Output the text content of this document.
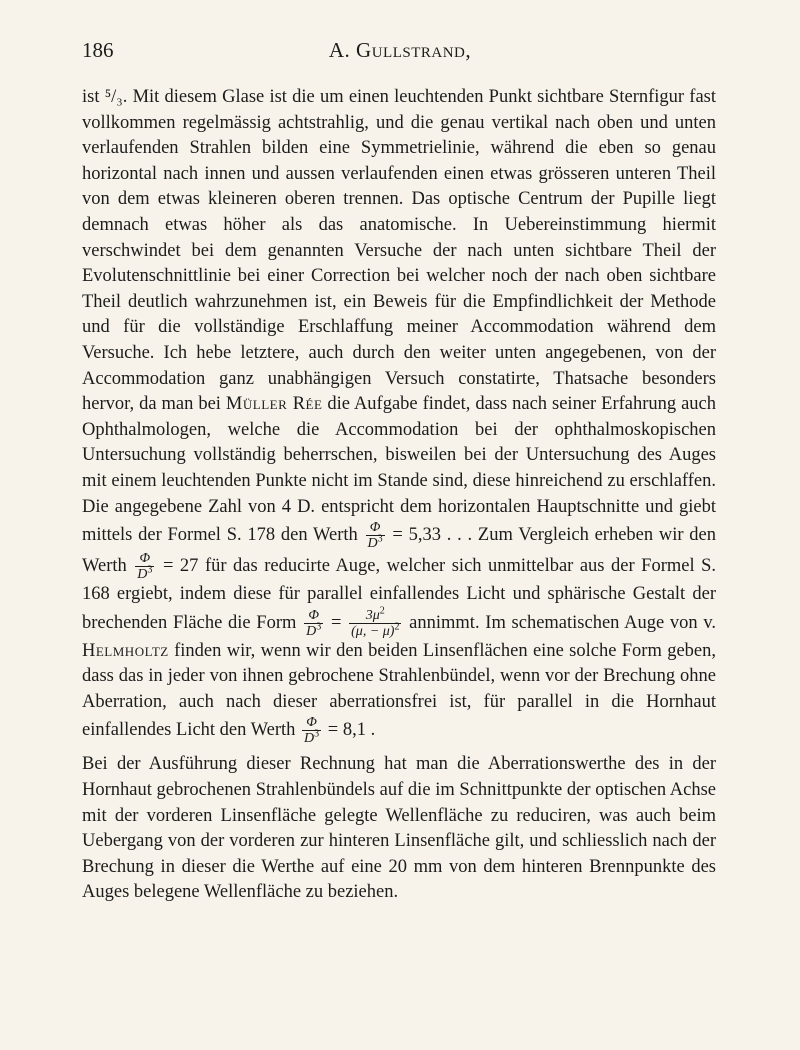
186	A. Gullstrand,

ist ⁵/₃. Mit diesem Glase ist die um einen leuchtenden Punkt sichtbare Sternfigur fast vollkommen regelmässig achtstrahlig, und die genau vertikal nach oben und unten verlaufenden Strahlen bilden eine Symmetrielinie, während die eben so genau horizontal nach innen und aussen verlaufenden einen etwas grösseren unteren Theil von dem etwas kleineren oberen trennen. Das optische Centrum der Pupille liegt demnach etwas höher als das anatomische. In Uebereinstimmung hiermit verschwindet bei dem genannten Versuche der nach unten sichtbare Theil der Evolutenschnittlinie bei einer Correction bei welcher noch der nach oben sichtbare Theil deutlich wahrzunehmen ist, ein Beweis für die Empfindlichkeit der Methode und für die vollständige Erschlaffung meiner Accommodation während dem Versuche. Ich hebe letztere, auch durch den weiter unten angegebenen, von der Accommodation ganz unabhängigen Versuch constatirte, Thatsache besonders hervor, da man bei Müller Rée die Aufgabe findet, dass nach seiner Erfahrung auch Ophthalmologen, welche die Accommodation bei der ophthalmoskopischen Untersuchung vollständig beherrschen, bisweilen bei der Untersuchung des Auges mit einem leuchtenden Punkte nicht im Stande sind, diese hinreichend zu erschlaffen. Die angegebene Zahl von 4 D. entspricht dem horizontalen Hauptschnitte und giebt mittels der Formel S. 178 den Werth $\frac{\Phi}{D^3} = 5,33$ . . . Zum Vergleich erheben wir den Werth $\frac{\Phi}{D^3} = 27$ für das reducirte Auge, welcher sich unmittelbar aus der Formel S. 168 ergiebt, indem diese für parallel einfallendes Licht und sphärische Gestalt der brechenden Fläche die Form $\frac{\Phi}{D^3} = \frac{3\mu^2}{(\mu, - \mu)^2}$ annimmt. Im schematischen Auge von v. Helmholtz finden wir, wenn wir den beiden Linsenflächen eine solche Form geben, dass das in jeder von ihnen gebrochene Strahlenbündel, wenn vor der Brechung ohne Aberration, auch nach dieser aberrationsfrei ist, für parallel in die Hornhaut einfallendes Licht den Werth $\frac{\Phi}{D^3} = 8,1$ .

Bei der Ausführung dieser Rechnung hat man die Aberrationswerthe des in der Hornhaut gebrochenen Strahlenbündels auf die im Schnittpunkte der optischen Achse mit der vorderen Linsenfläche gelegte Wellenfläche zu reduciren, was auch beim Uebergang von der vorderen zur hinteren Linsenfläche gilt, und schliesslich nach der Brechung in dieser die Werthe auf eine 20 mm von dem hinteren Brennpunkte des Auges belegene Wellenfläche zu beziehen.
